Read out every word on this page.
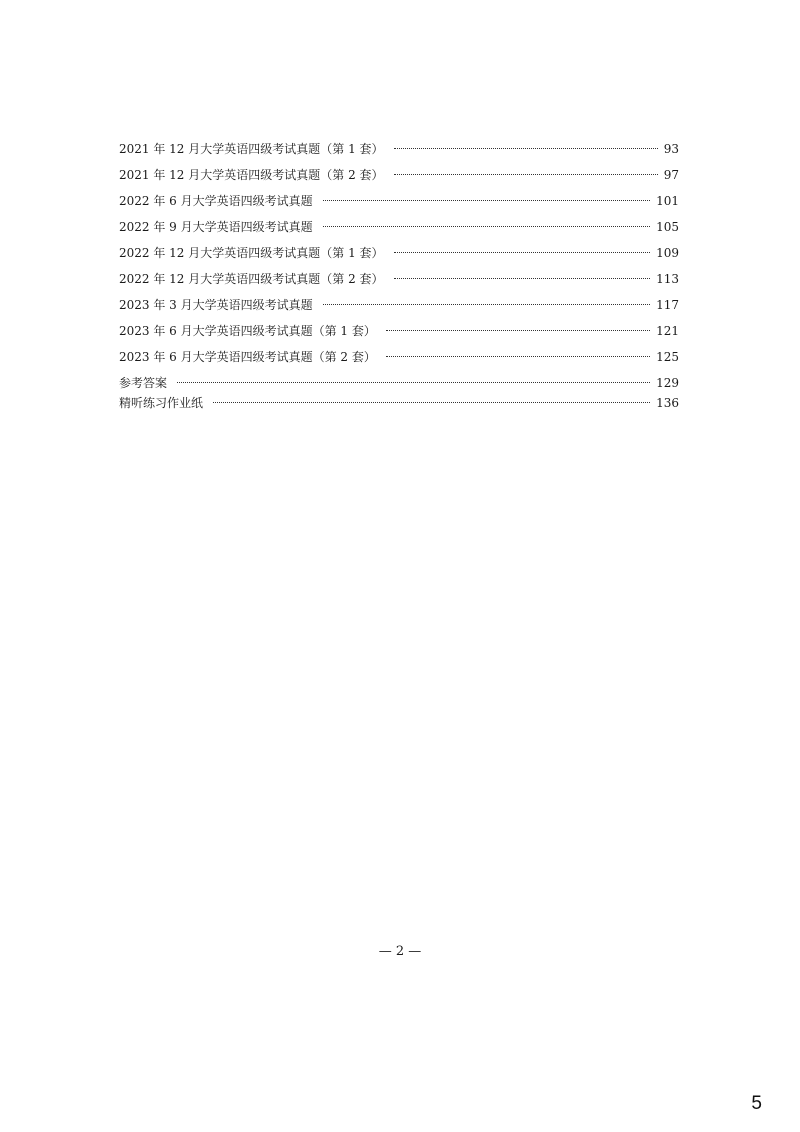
2021 年 12 月大学英语四级考试真题（第 1 套）	93
2021 年 12 月大学英语四级考试真题（第 2 套）	97
2022 年 6 月大学英语四级考试真题	101
2022 年 9 月大学英语四级考试真题	105
2022 年 12 月大学英语四级考试真题（第 1 套）	109
2022 年 12 月大学英语四级考试真题（第 2 套）	113
2023 年 3 月大学英语四级考试真题	117
2023 年 6 月大学英语四级考试真题（第 1 套）	121
2023 年 6 月大学英语四级考试真题（第 2 套）	125
参考答案	129
精听练习作业纸	136
— 2 —
5
